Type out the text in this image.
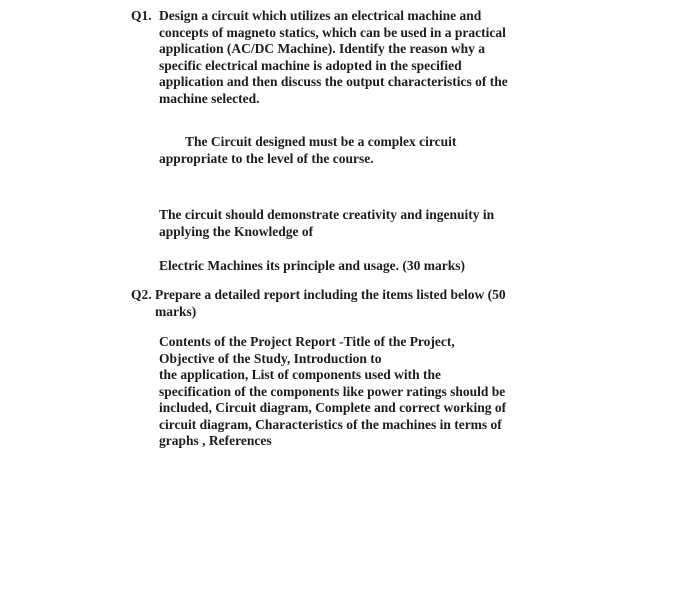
Q1. Design a circuit which utilizes an electrical machine and
concepts of magneto statics, which can be used in a practical
application (AC/DC Machine). Identify the reason why a
specific electrical machine is adopted in the specified
application and then discuss the output characteristics of the
machine selected.

The Circuit designed must be a complex circuit
appropriate to the level of the course.

The circuit should demonstrate creativity and ingenuity in
applying the Knowledge of

Electric Machines its principle and usage. (30 marks)

Q2. Prepare a detailed report including the items listed below (50
marks)

Contents of the Project Report -Title of the Project,
Objective of the Study, Introduction to
the application, List of components used with the
specification of the components like power ratings should be
included, Circuit diagram, Complete and correct working of
circuit diagram, Characteristics of the machines in terms of
graphs , References
